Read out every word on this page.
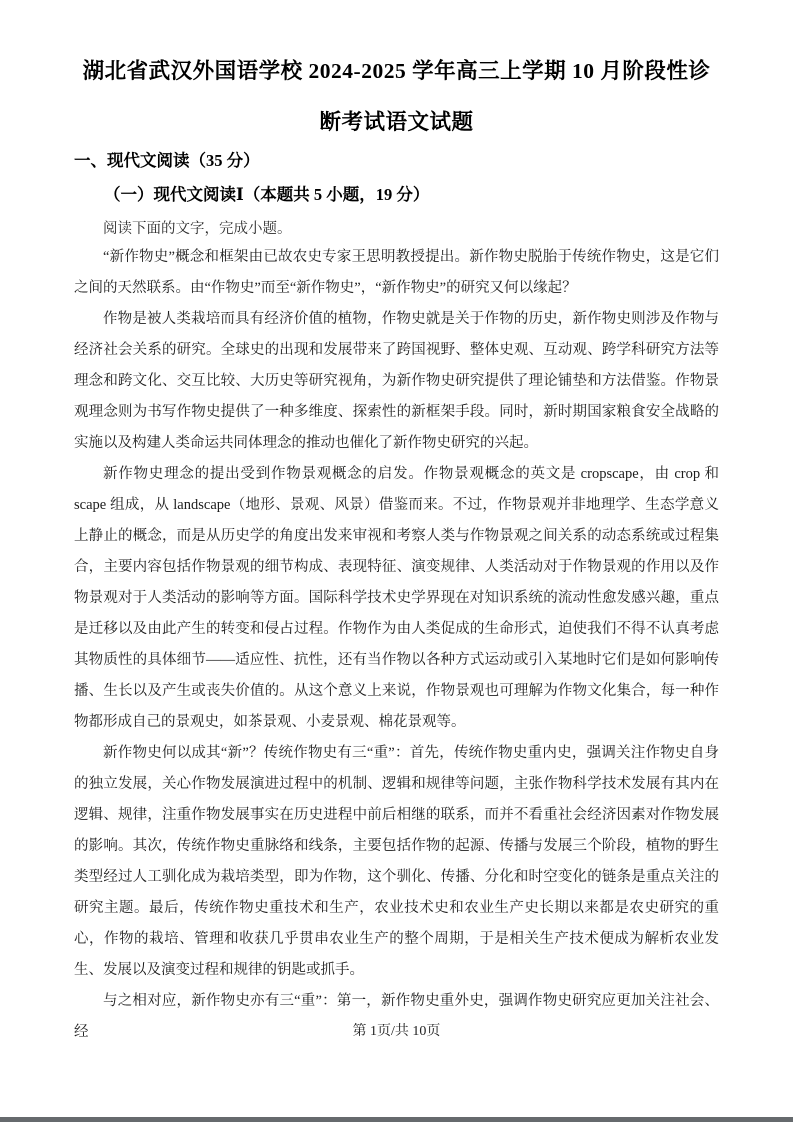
湖北省武汉外国语学校 2024-2025 学年高三上学期 10 月阶段性诊断考试语文试题
一、现代文阅读（35 分）
（一）现代文阅读Ⅰ（本题共 5 小题，19 分）

阅读下面的文字，完成小题。

“新作物史”概念和框架由已故农史专家王思明教授提出。新作物史脱胎于传统作物史，这是它们之间的天然联系。由“作物史”而至“新作物史”，“新作物史”的研究又何以缘起？

作物是被人类栽培而具有经济价值的植物，作物史就是关于作物的历史，新作物史则涉及作物与经济社会关系的研究。全球史的出现和发展带来了跨国视野、整体史观、互动观、跨学科研究方法等理念和跨文化、交互比较、大历史等研究视角，为新作物史研究提供了理论铺垫和方法借鉴。作物景观理念则为书写作物史提供了一种多维度、探索性的新框架手段。同时，新时期国家粮食安全战略的实施以及构建人类命运共同体理念的推动也催化了新作物史研究的兴起。

新作物史理念的提出受到作物景观概念的启发。作物景观概念的英文是 cropscape，由 crop 和 scape 组成，从 landscape（地形、景观、风景）借鉴而来。不过，作物景观并非地理学、生态学意义上静止的概念，而是从历史学的角度出发来审视和考察人类与作物景观之间关系的动态系统或过程集合，主要内容包括作物景观的细节构成、表现特征、演变规律、人类活动对于作物景观的作用以及作物景观对于人类活动的影响等方面。国际科学技术史学界现在对知识系统的流动性愈发感兴趣，重点是迁移以及由此产生的转变和侵占过程。作物作为由人类促成的生命形式，迫使我们不得不认真考虑其物质性的具体细节——适应性、抗性，还有当作物以各种方式运动或引入某地时它们是如何影响传播、生长以及产生或丧失价值的。从这个意义上来说，作物景观也可理解为作物文化集合，每一种作物都形成自己的景观史，如茶景观、小麦景观、棉花景观等。

新作物史何以成其“新”？传统作物史有三“重”：首先，传统作物史重内史，强调关注作物史自身的独立发展，关心作物发展演进过程中的机制、逻辑和规律等问题，主张作物科学技术发展有其内在逻辑、规律，注重作物发展事实在历史进程中前后相继的联系，而并不看重社会经济因素对作物发展的影响。其次，传统作物史重脉络和线条，主要包括作物的起源、传播与发展三个阶段，植物的野生类型经过人工驯化成为栽培类型，即为作物，这个驯化、传播、分化和时空变化的链条是重点关注的研究主题。最后，传统作物史重技术和生产，农业技术史和农业生产史长期以来都是农史研究的重心，作物的栽培、管理和收获几乎贯串农业生产的整个周期，于是相关生产技术便成为解析农业发生、发展以及演变过程和规律的钥匙或抓手。

与之相对应，新作物史亦有三“重”：第一，新作物史重外史，强调作物史研究应更加关注社会、经	第 1页/共 10页
